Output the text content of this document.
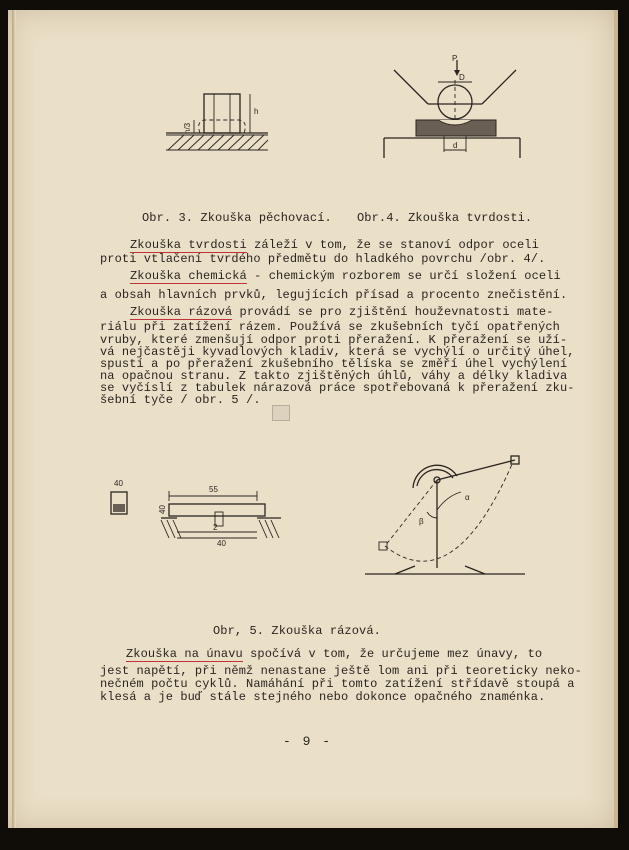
h
h/3
P
D
d
Obr. 3. Zkouška pěchovací. Obr.4. Zkouška tvrdosti.
Zkouška tvrdosti záleží v tom, že se stanoví odpor oceli
proti vtlačení tvrdého předmětu do hladkého povrchu /obr. 4/.
Zkouška chemická - chemickým rozborem se určí složení oceli
a obsah hlavních prvků, legujících přísad a procento znečistění.
Zkouška rázová provádí se pro zjištění houževnatosti mate-
riálu při zatížení rázem. Používá se zkušebních tyčí opatřených
vruby, které zmenšují odpor proti přeražení. K přeražení se uží-
vá nejčastěji kyvadlových kladiv, která se vychýlí o určitý úhel,
spustí a po přeražení zkušebního tělíska se změří úhel vychýlení
na opačnou stranu. Z takto zjištěných úhlů, váhy a délky kladiva
se vyčíslí z tabulek nárazová práce spotřebovaná k přeražení zku-
šební tyče / obr. 5 /.
40
55
40
2
40
α
β
Obr, 5. Zkouška rázová.
Zkouška na únavu spočívá v tom, že určujeme mez únavy, to
jest napětí, při němž nenastane ještě lom ani při teoreticky neko-
nečném počtu cyklů. Namáhání při tomto zatížení střídavě stoupá a
klesá a je buď stále stejného nebo dokonce opačného znaménka.
- 9 -
